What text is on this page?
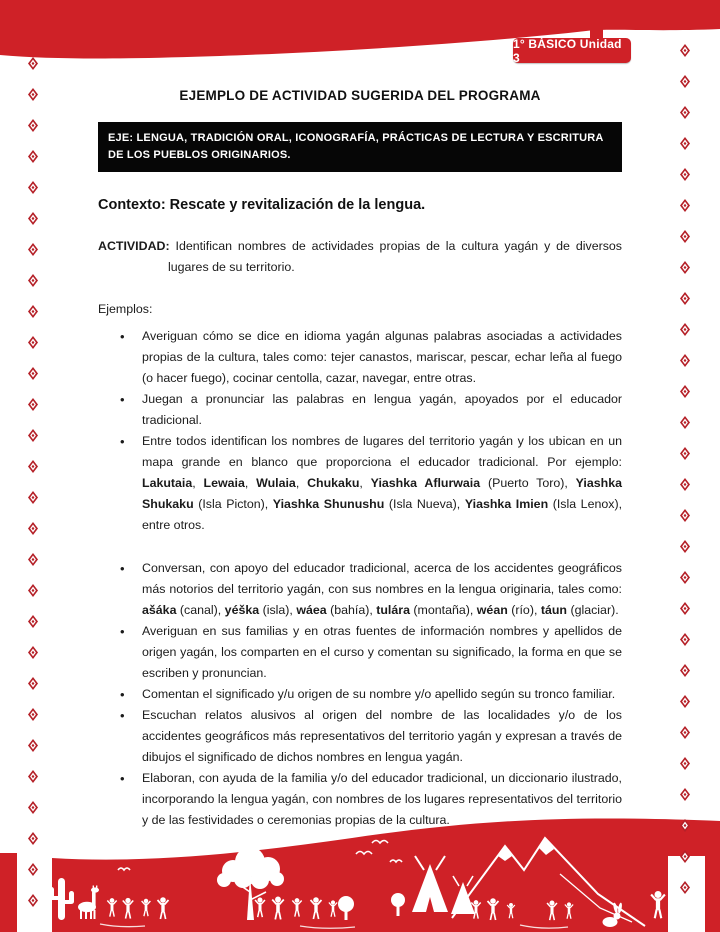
1° BÁSICO Unidad 3
EJEMPLO DE ACTIVIDAD SUGERIDA DEL PROGRAMA
EJE: LENGUA, TRADICIÓN ORAL, ICONOGRAFÍA, PRÁCTICAS DE LECTURA Y ESCRITURA DE LOS PUEBLOS ORIGINARIOS.
Contexto: Rescate y revitalización de la lengua.

ACTIVIDAD: Identifican nombres de actividades propias de la cultura yagán y de diversos lugares de su territorio.

Ejemplos:
• Averiguan cómo se dice en idioma yagán algunas palabras asociadas a actividades propias de la cultura, tales como: tejer canastos, mariscar, pescar, echar leña al fuego (o hacer fuego), cocinar centolla, cazar, navegar, entre otras.
• Juegan a pronunciar las palabras en lengua yagán, apoyados por el educador tradicional.
• Entre todos identifican los nombres de lugares del territorio yagán y los ubican en un mapa grande en blanco que proporciona el educador tradicional. Por ejemplo: Lakutaia, Lewaia, Wulaia, Chukaku, Yiashka Aflurwaia (Puerto Toro), Yiashka Shukaku (Isla Picton), Yiashka Shunushu (Isla Nueva), Yiashka Imien (Isla Lenox), entre otros.
• Conversan, con apoyo del educador tradicional, acerca de los accidentes geográficos más notorios del territorio yagán, con sus nombres en la lengua originaria, tales como: ašáka (canal), yéška (isla), wáea (bahía), tulára (montaña), wéan (río), táun (glaciar).
• Averiguan en sus familias y en otras fuentes de información nombres y apellidos de origen yagán, los comparten en el curso y comentan su significado, la forma en que se escriben y pronuncian.
• Comentan el significado y/u origen de su nombre y/o apellido según su tronco familiar.
• Escuchan relatos alusivos al origen del nombre de las localidades y/o de los accidentes geográficos más representativos del territorio yagán y expresan a través de dibujos el significado de dichos nombres en lengua yagán.
• Elaboran, con ayuda de la familia y/o del educador tradicional, un diccionario ilustrado, incorporando la lengua yagán, con nombres de los lugares representativos del territorio y de las festividades o ceremonias propias de la cultura.
